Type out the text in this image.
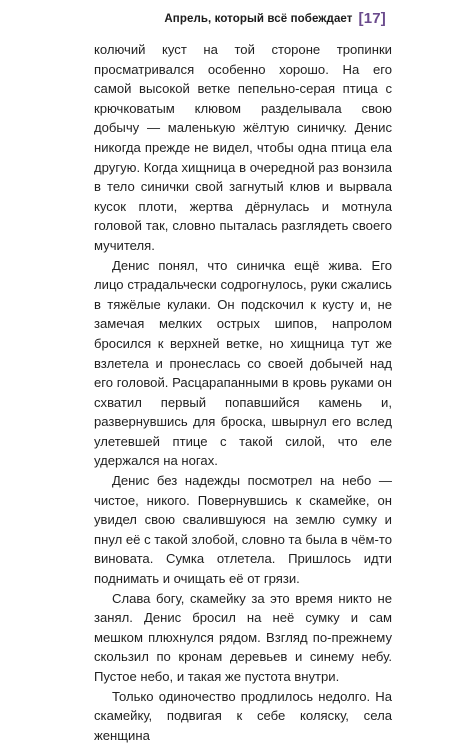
Апрель, который всё побеждает [17]

колючий куст на той стороне тропинки просматривался особенно хорошо. На его самой высокой ветке пепельно-серая птица с крючковатым клювом разделывала свою добычу — маленькую жёлтую синичку. Денис никогда прежде не видел, чтобы одна птица ела другую. Когда хищница в очередной раз вонзила в тело синички свой загнутый клюв и вырвала кусок плоти, жертва дёрнулась и мотнула головой так, словно пыталась разглядеть своего мучителя.

Денис понял, что синичка ещё жива. Его лицо страдальчески содрогнулось, руки сжались в тяжёлые кулаки. Он подскочил к кусту и, не замечая мелких острых шипов, напролом бросился к верхней ветке, но хищница тут же взлетела и пронеслась со своей добычей над его головой. Расцарапанными в кровь руками он схватил первый попавшийся камень и, развернувшись для броска, швырнул его вслед улетевшей птице с такой силой, что еле удержался на ногах.

Денис без надежды посмотрел на небо — чистое, никого. Повернувшись к скамейке, он увидел свою свалившуюся на землю сумку и пнул её с такой злобой, словно та была в чём-то виновата. Сумка отлетела. Пришлось идти поднимать и очищать её от грязи.

Слава богу, скамейку за это время никто не занял. Денис бросил на неё сумку и сам мешком плюхнулся рядом. Взгляд по-прежнему скользил по кронам деревьев и синему небу. Пустое небо, и такая же пустота внутри.

Только одиночество продлилось недолго. На скамейку, подвигая к себе коляску, села женщина
